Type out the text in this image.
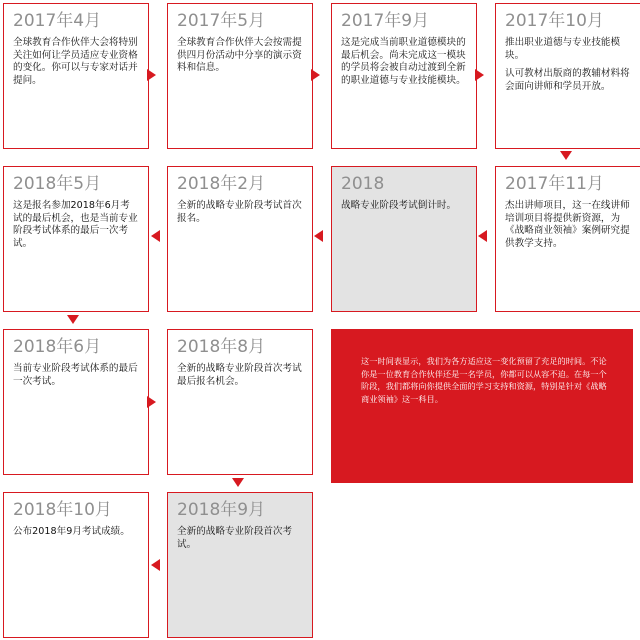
2017年4月

全球教育合作伙伴大会将特别关注如何让学员适应专业资格的变化。你可以与专家对话并提问。

2017年5月

全球教育合作伙伴大会按需提供四月份活动中分享的演示资料和信息。

2017年9月

这是完成当前职业道德模块的最后机会。尚未完成这一模块的学员将会被自动过渡到全新的职业道德与专业技能模块。

2017年10月

推出职业道德与专业技能模块。

认可教材出版商的教辅材料将会面向讲师和学员开放。

2017年11月

杰出讲师项目，这一在线讲师培训项目将提供新资源，为《战略商业领袖》案例研究提供教学支持。

2018

战略专业阶段考试倒计时。

2018年2月

全新的战略专业阶段考试首次报名。

2018年5月

这是报名参加2018年6月考试的最后机会，也是当前专业阶段考试体系的最后一次考试。

2018年6月

当前专业阶段考试体系的最后一次考试。

2018年8月

全新的战略专业阶段首次考试最后报名机会。

2018年9月

全新的战略专业阶段首次考试。

2018年10月

公布2018年9月考试成绩。

这一时间表显示，我们为各方适应这一变化预留了充足的时间。不论你是一位教育合作伙伴还是一名学员，你都可以从容不迫。在每一个阶段，我们都将向你提供全面的学习支持和资源，特别是针对《战略商业领袖》这一科目。
